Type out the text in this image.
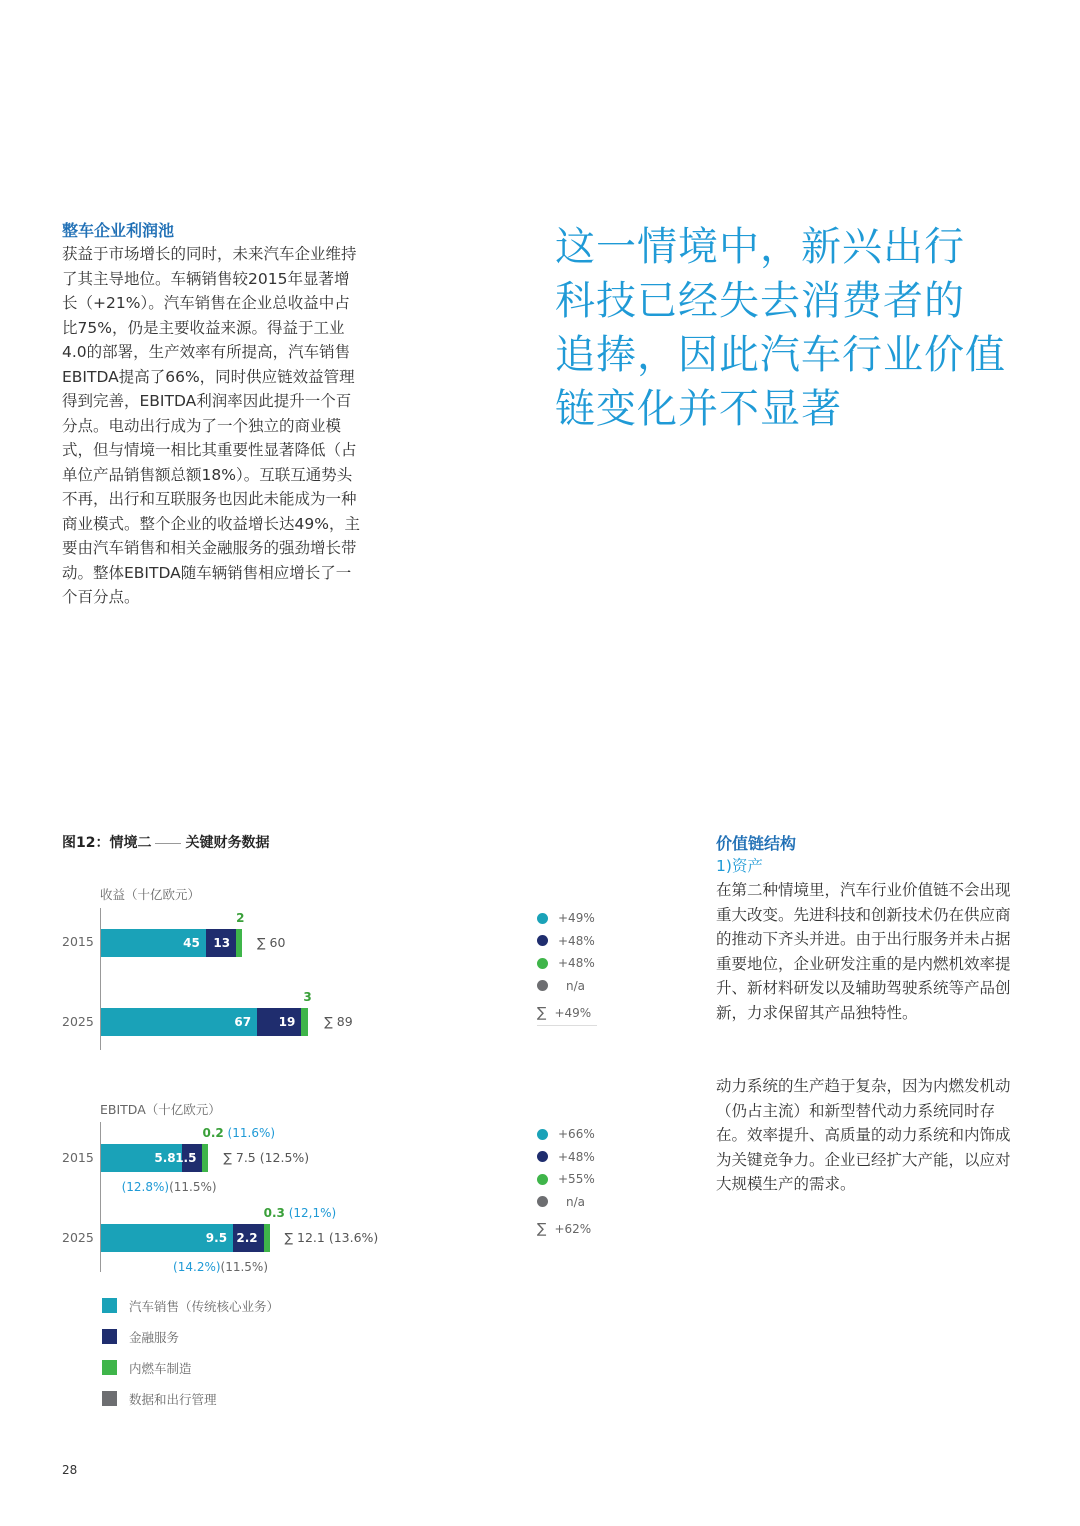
整车企业利润池
获益于市场增长的同时，未来汽车企业维持了其主导地位。车辆销售较2015年显著增长（+21%）。汽车销售在企业总收益中占比75%，仍是主要收益来源。得益于工业4.0的部署，生产效率有所提高，汽车销售EBITDA提高了66%，同时供应链效益管理得到完善，EBITDA利润率因此提升一个百分点。电动出行成为了一个独立的商业模式，但与情境一相比其重要性显著降低（占单位产品销售额总额18%）。互联互通势头不再，出行和互联服务也因此未能成为一种商业模式。整个企业的收益增长达49%，主要由汽车销售和相关金融服务的强劲增长带动。整体EBITDA随车辆销售相应增长了一个百分点。
这一情境中，新兴出行
科技已经失去消费者的
追捧，因此汽车行业价值
链变化并不显著
图12：情境二 关键财务数据
收益（十亿欧元）
2015
2025
2
45 13 ∑ 60
3
67 19 ∑ 89
EBITDA（十亿欧元）
2015
2025
0.2 (11.6%)
5.8 1.5 ∑ 7.5 (12.5%)
(12.8%)(11.5%)
0.3 (12,1%)
9.5 2.2 ∑ 12.1 (13.6%)
(14.2%)(11.5%)
+49%
+48%
+48%
n/a
∑ +49%
+66%
+48%
+55%
n/a
∑ +62%
汽车销售（传统核心业务）
金融服务
内燃车制造
数据和出行管理
价值链结构
1)资产
在第二种情境里，汽车行业价值链不会出现重大改变。先进科技和创新技术仍在供应商的推动下齐头并进。由于出行服务并未占据重要地位，企业研发注重的是内燃机效率提升、新材料研发以及辅助驾驶系统等产品创新，力求保留其产品独特性。
动力系统的生产趋于复杂，因为内燃发机动（仍占主流）和新型替代动力系统同时存在。效率提升、高质量的动力系统和内饰成为关键竞争力。企业已经扩大产能，以应对大规模生产的需求。
28
